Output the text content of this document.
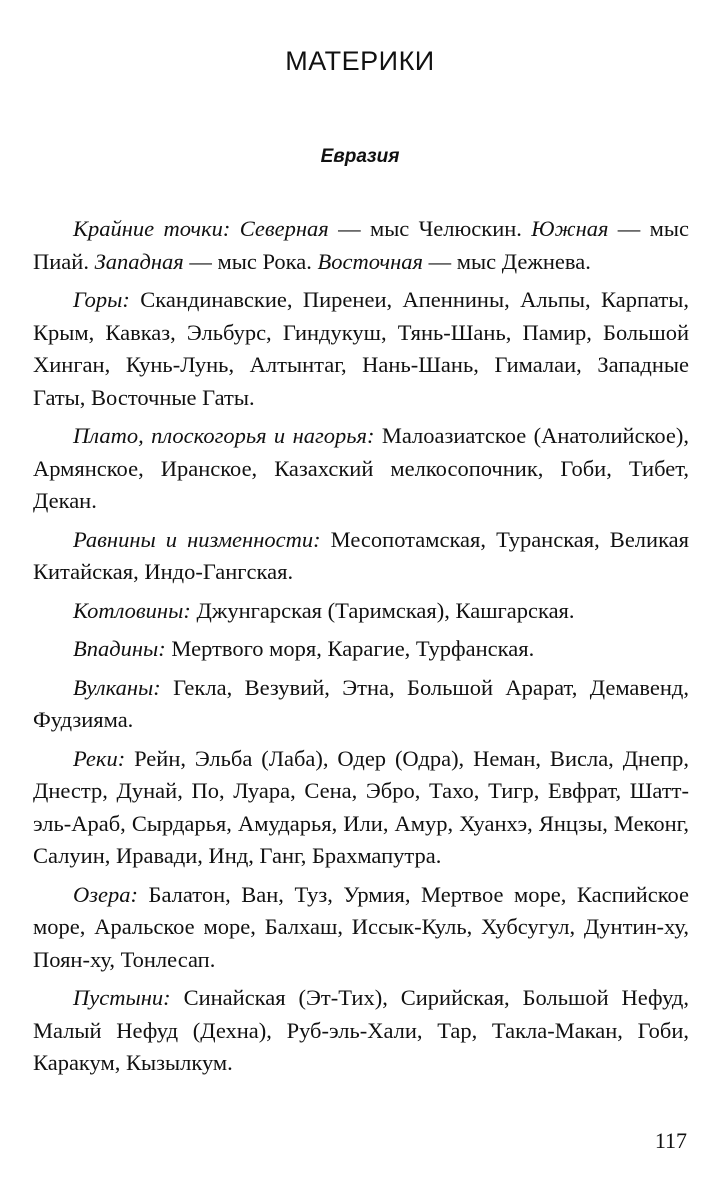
МАТЕРИКИ
Евразия

Крайние точки: Северная — мыс Челюскин. Южная — мыс Пиай. Западная — мыс Рока. Восточная — мыс Дежнева.

Горы: Скандинавские, Пиренеи, Апеннины, Альпы, Карпаты, Крым, Кавказ, Эльбурс, Гиндукуш, Тянь-Шань, Памир, Большой Хинган, Кунь-Лунь, Алтынтаг, Нань-Шань, Гималаи, Западные Гаты, Восточные Гаты.

Плато, плоскогорья и нагорья: Малоазиатское (Анатолийское), Армянское, Иранское, Казахский мелкосопочник, Гоби, Тибет, Декан.

Равнины и низменности: Месопотамская, Туранская, Великая Китайская, Индо-Гангская.

Котловины: Джунгарская (Таримская), Кашгарская.

Впадины: Мертвого моря, Карагие, Турфанская.

Вулканы: Гекла, Везувий, Этна, Большой Арарат, Демавенд, Фудзияма.

Реки: Рейн, Эльба (Лаба), Одер (Одра), Неман, Висла, Днепр, Днестр, Дунай, По, Луара, Сена, Эбро, Тахо, Тигр, Евфрат, Шатт-эль-Араб, Сырдарья, Амударья, Или, Амур, Хуанхэ, Янцзы, Меконг, Салуин, Иравади, Инд, Ганг, Брахмапутра.

Озера: Балатон, Ван, Туз, Урмия, Мертвое море, Каспийское море, Аральское море, Балхаш, Иссык-Куль, Хубсугул, Дунтин-ху, Поян-ху, Тонлесап.

Пустыни: Синайская (Эт-Тих), Сирийская, Большой Нефуд, Малый Нефуд (Дехна), Руб-эль-Хали, Тар, Такла-Макан, Гоби, Каракум, Кызылкум.

117
